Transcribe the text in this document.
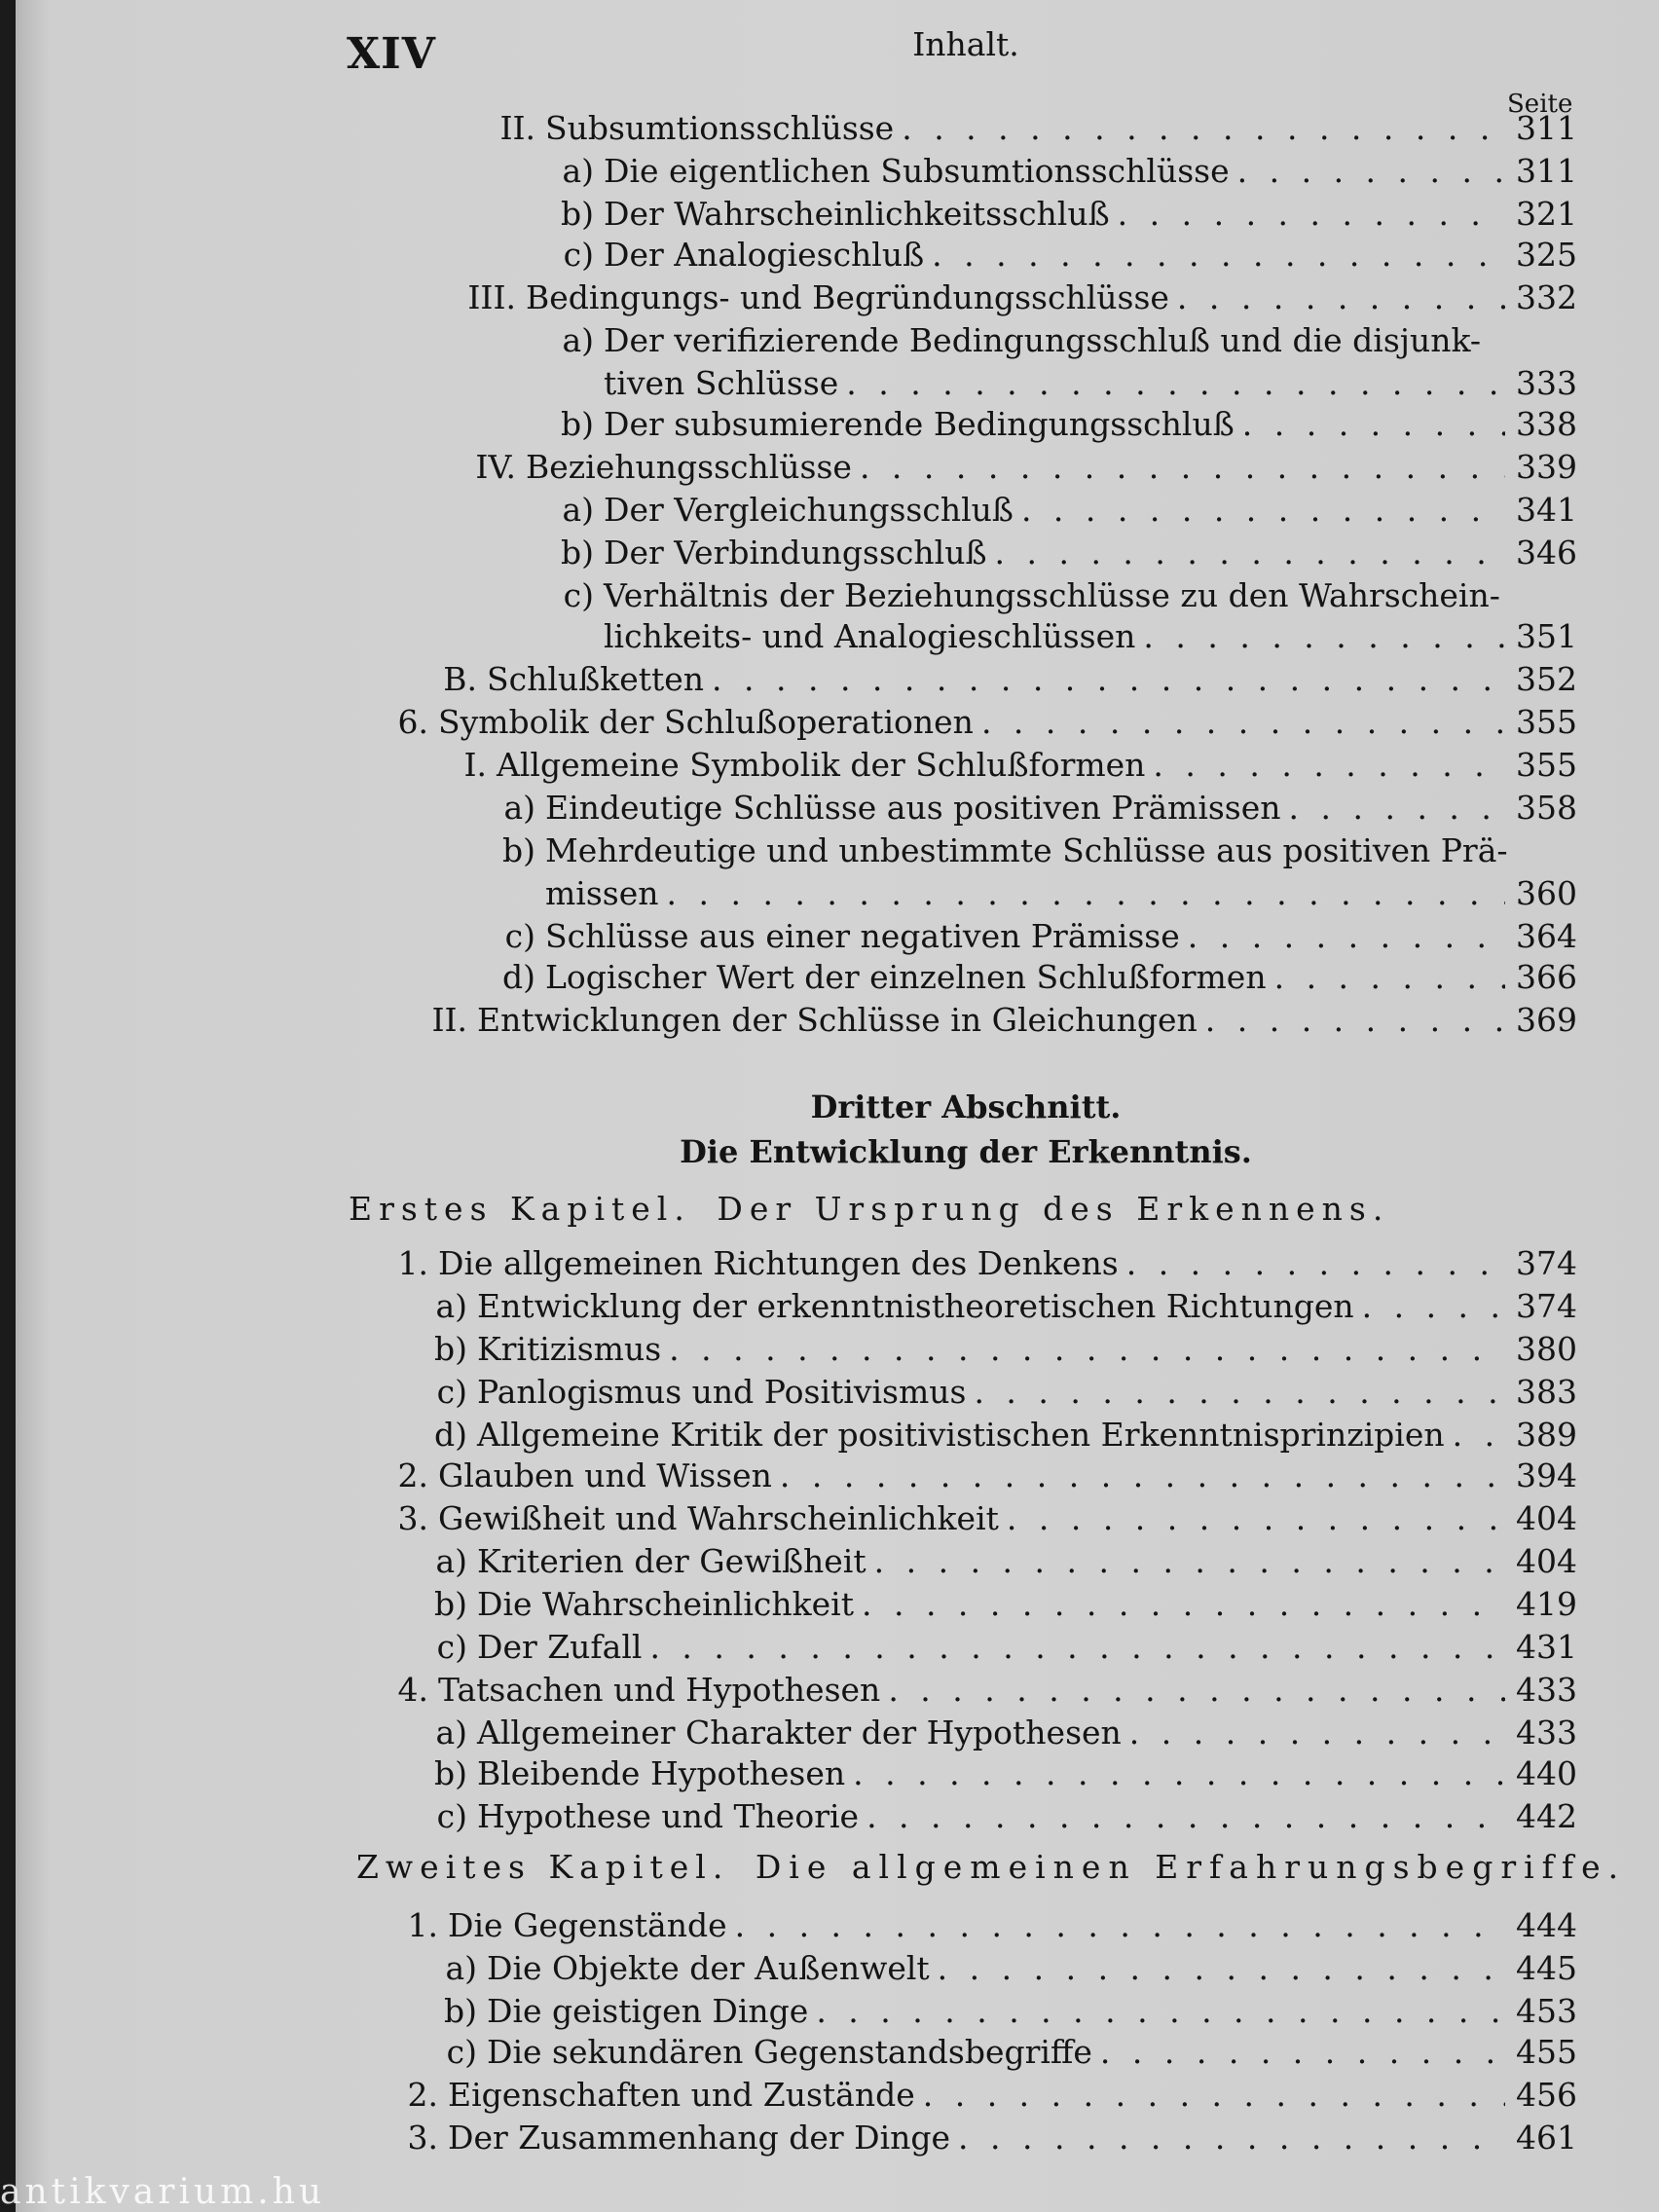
XIV	Inhalt.
Seite
II. Subsumtionsschlüsse . . .	311
a) Die eigentlichen Subsumtionsschlüsse . . .	311
b) Der Wahrscheinlichkeitsschluß . . .	321
c) Der Analogieschluß . . .	325
III. Bedingungs- und Begründungsschlüsse . . .	332
a) Der verifizierende Bedingungsschluß und die disjunk-
tiven Schlüsse . . .	333
b) Der subsumierende Bedingungsschluß . . .	338
IV. Beziehungsschlüsse . . .	339
a) Der Vergleichungsschluß . . .	341
b) Der Verbindungsschluß . . .	346
c) Verhältnis der Beziehungsschlüsse zu den Wahrschein-
lichkeits- und Analogieschlüssen . . .	351
B. Schlußketten . . .	352
6. Symbolik der Schlußoperationen . . .	355
I. Allgemeine Symbolik der Schlußformen . . .	355
a) Eindeutige Schlüsse aus positiven Prämissen . . .	358
b) Mehrdeutige und unbestimmte Schlüsse aus positiven Prä-
missen . . .	360
c) Schlüsse aus einer negativen Prämisse . . .	364
d) Logischer Wert der einzelnen Schlußformen . . .	366
II. Entwicklungen der Schlüsse in Gleichungen . . .	369
Dritter Abschnitt.
Die Entwicklung der Erkenntnis.
Erstes Kapitel. Der Ursprung des Erkennens.
1. Die allgemeinen Richtungen des Denkens . . .	374
a) Entwicklung der erkenntnistheoretischen Richtungen . . .	374
b) Kritizismus . . .	380
c) Panlogismus und Positivismus . . .	383
d) Allgemeine Kritik der positivistischen Erkenntnisprinzipien . . . 389
2. Glauben und Wissen . . .	394
3. Gewißheit und Wahrscheinlichkeit . . .	404
a) Kriterien der Gewißheit . . .	404
b) Die Wahrscheinlichkeit . . .	419
c) Der Zufall . . .	431
4. Tatsachen und Hypothesen . . .	433
a) Allgemeiner Charakter der Hypothesen . . .	433
b) Bleibende Hypothesen . . .	440
c) Hypothese und Theorie . . .	442
Zweites Kapitel. Die allgemeinen Erfahrungsbegriffe.
1. Die Gegenstände . . .	444
a) Die Objekte der Außenwelt . . .	445
b) Die geistigen Dinge . . .	453
c) Die sekundären Gegenstandsbegriffe . . .	455
2. Eigenschaften und Zustände . . .	456
3. Der Zusammenhang der Dinge . . .	461
antikvarium.hu
